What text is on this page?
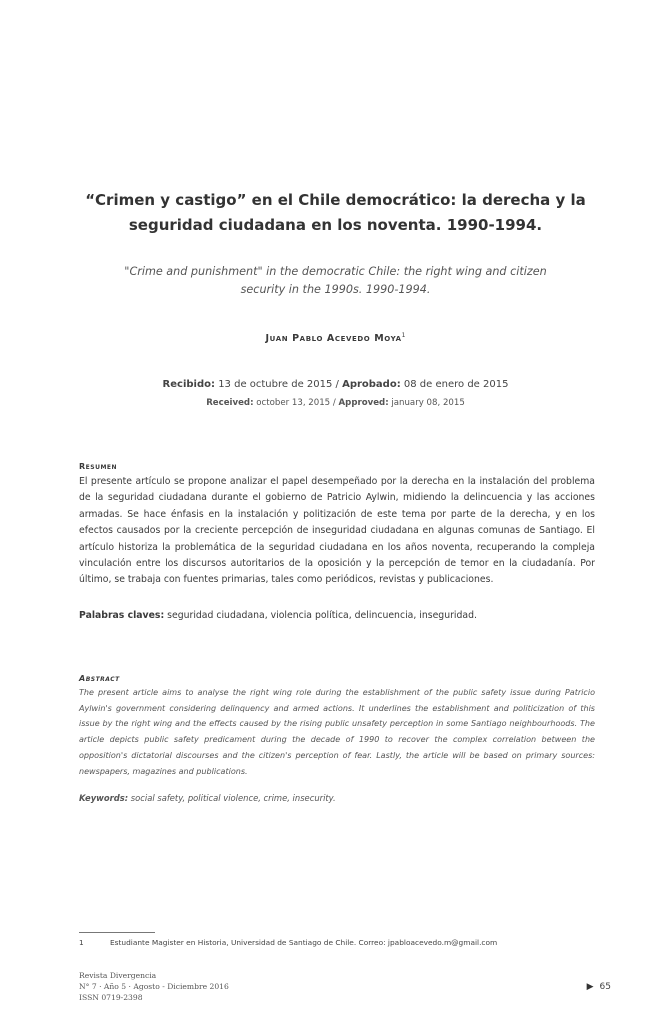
“Crimen y castigo” en el Chile democrático: la derecha y la
seguridad ciudadana en los noventa. 1990-1994.
"Crime and punishment" in the democratic Chile: the right wing and citizen
security in the 1990s. 1990-1994.
Juan Pablo Acevedo Moya$^1$
Recibido: 13 de octubre de 2015 / Aprobado: 08 de enero de 2015
Received: october 13, 2015 / Approved: january 08, 2015
Resumen
El presente artículo se propone analizar el papel desempeñado por la derecha en la instalación del problema de la seguridad ciudadana durante el gobierno de Patricio Aylwin, midiendo la delincuencia y las acciones armadas. Se hace énfasis en la instalación y politización de este tema por parte de la derecha, y en los efectos causados por la creciente percepción de inseguridad ciudadana en algunas comunas de Santiago. El artículo historiza la problemática de la seguridad ciudadana en los años noventa, recuperando la compleja vinculación entre los discursos autoritarios de la oposición y la percepción de temor en la ciudadanía. Por último, se trabaja con fuentes primarias, tales como periódicos, revistas y publicaciones.
Palabras claves: seguridad ciudadana, violencia política, delincuencia, inseguridad.
Abstract
The present article aims to analyse the right wing role during the establishment of the public safety issue during Patricio Aylwin's government considering delinquency and armed actions. It underlines the establishment and politicization of this issue by the right wing and the effects caused by the rising public unsafety perception in some Santiago neighbourhoods. The article depicts public safety predicament during the decade of 1990 to recover the complex correlation between the opposition's dictatorial discourses and the citizen's perception of fear. Lastly, the article will be based on primary sources: newspapers, magazines and publications.
Keywords: social safety, political violence, crime, insecurity.
1	Estudiante Magister en Historia, Universidad de Santiago de Chile. Correo: jpabloacevedo.m@gmail.com
Revista Divergencia
N° 7 · Año 5 · Agosto - Diciembre 2016
ISSN 0719-2398
▶ 65
